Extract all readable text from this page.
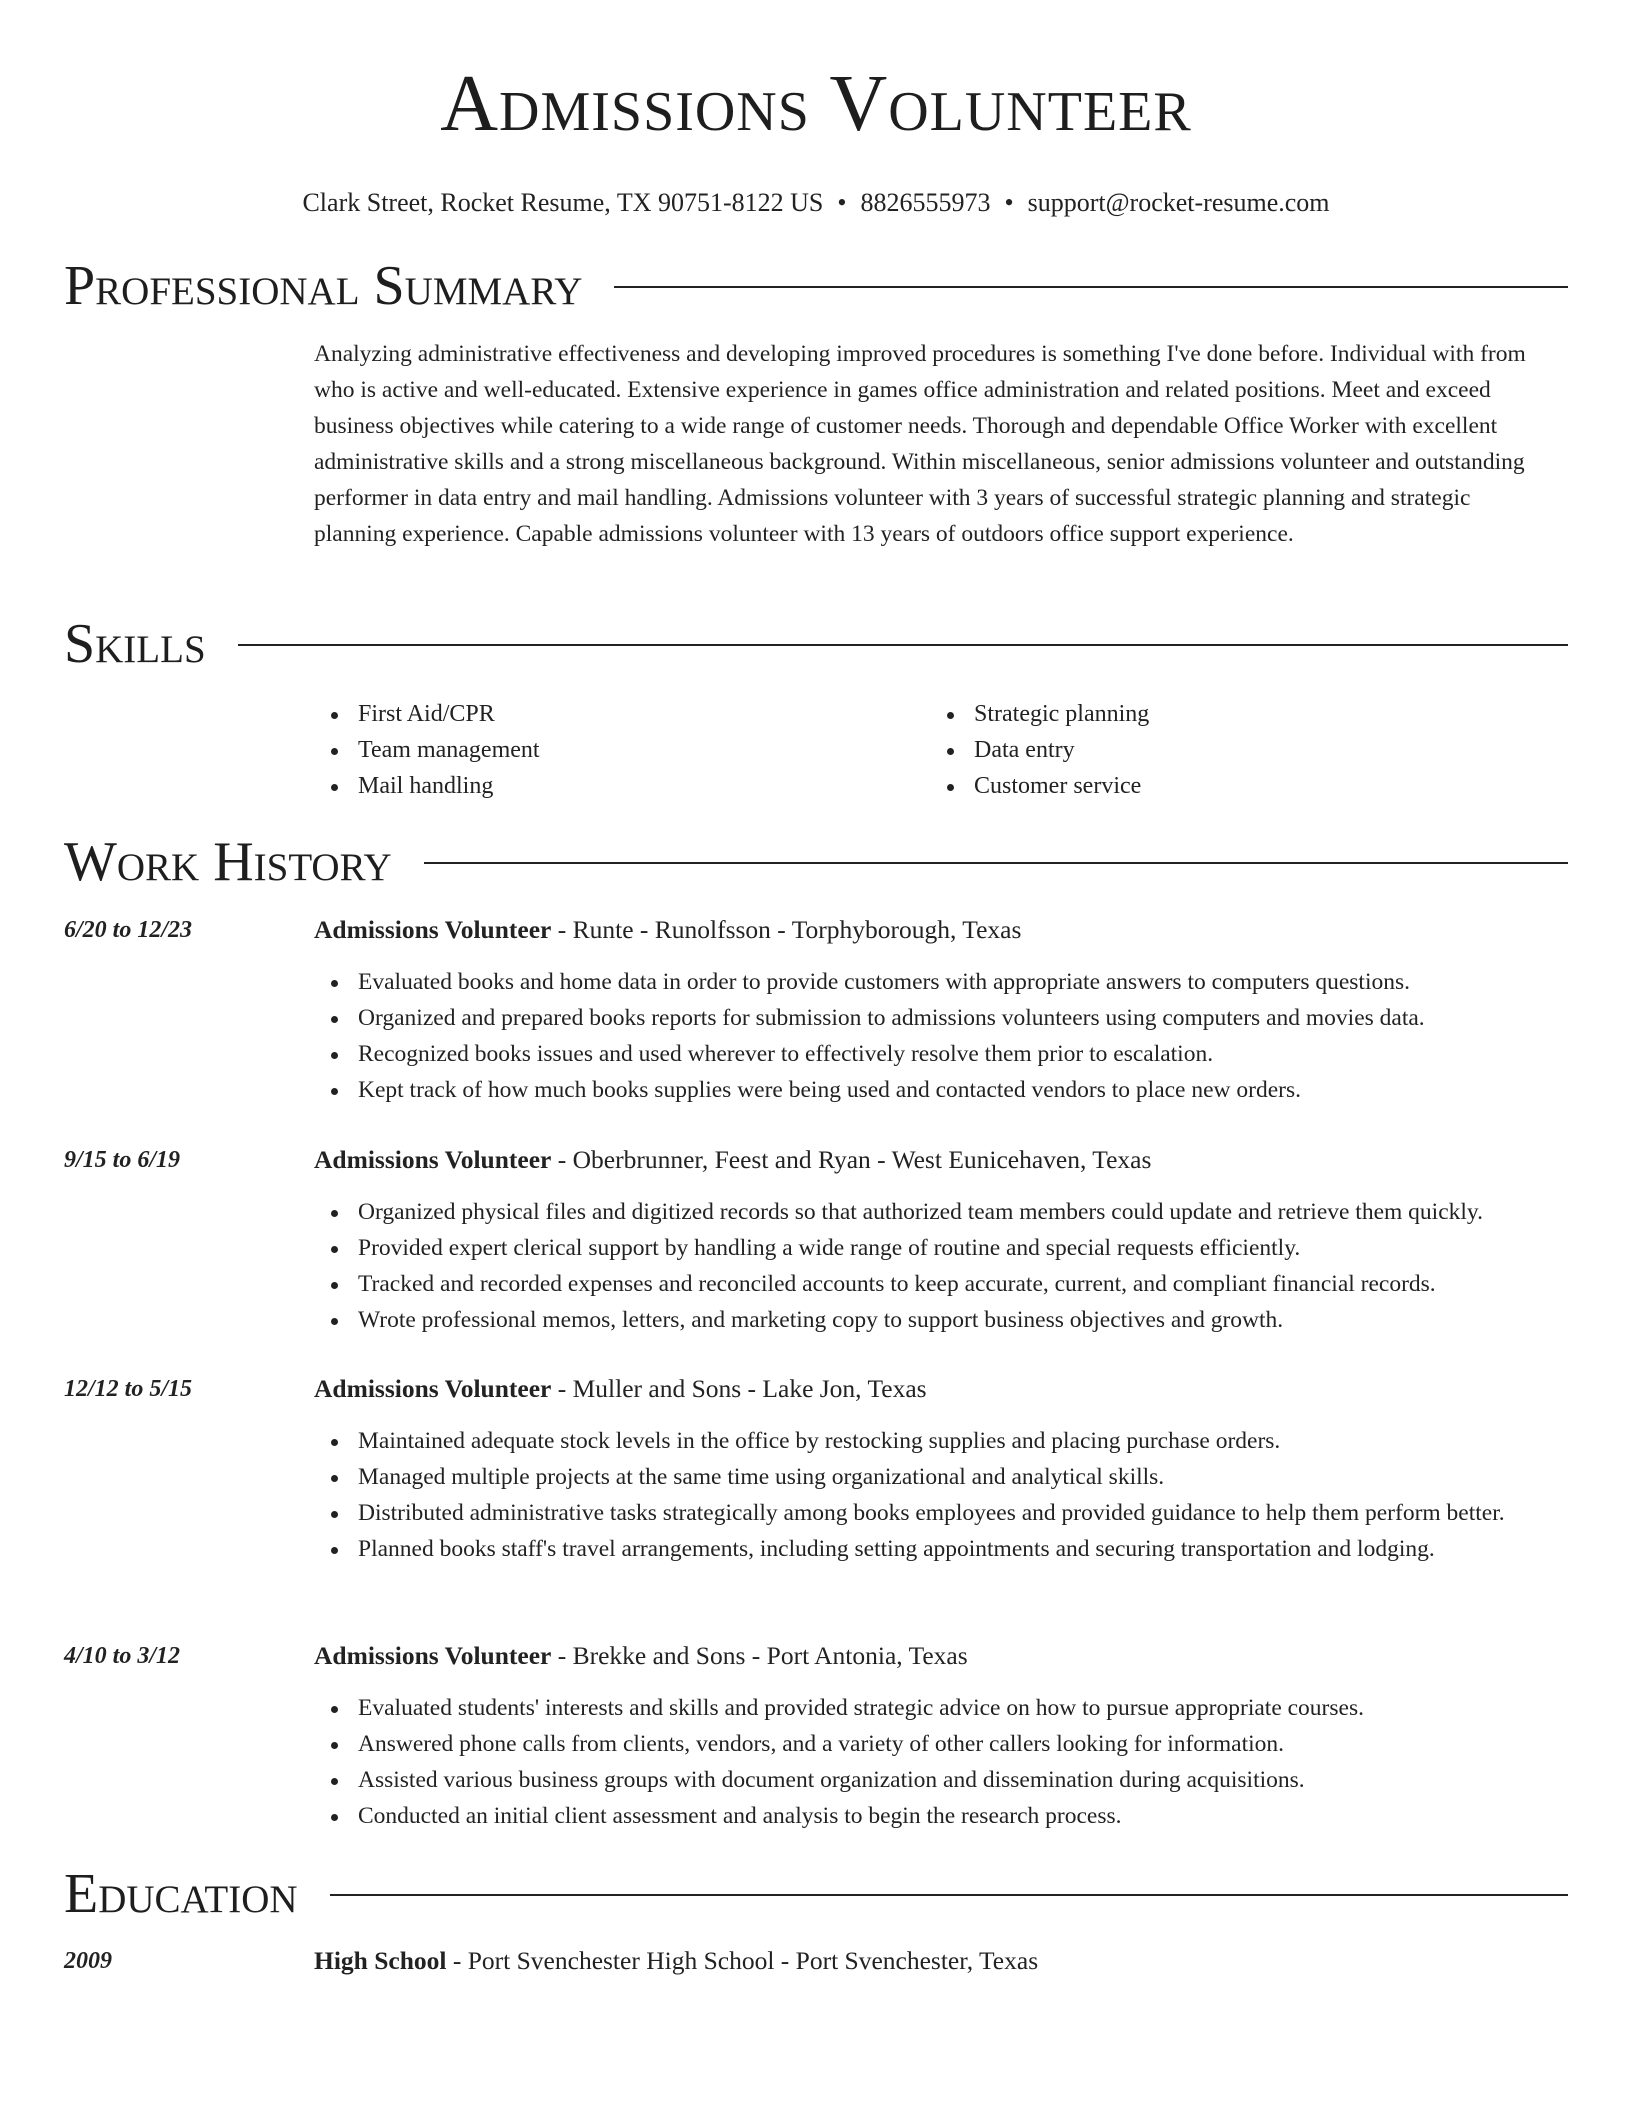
Admissions Volunteer
Clark Street, Rocket Resume, TX 90751-8122 US • 8826555973 • support@rocket-resume.com
Professional Summary

Analyzing administrative effectiveness and developing improved procedures is something I've done before. Individual with from who is active and well-educated. Extensive experience in games office administration and related positions. Meet and exceed business objectives while catering to a wide range of customer needs. Thorough and dependable Office Worker with excellent administrative skills and a strong miscellaneous background. Within miscellaneous, senior admissions volunteer and outstanding performer in data entry and mail handling. Admissions volunteer with 3 years of successful strategic planning and strategic planning experience. Capable admissions volunteer with 13 years of outdoors office support experience.

Skills
First Aid/CPR	Strategic planning
Team management	Data entry
Mail handling	Customer service
Work History
6/20 to 12/23	Admissions Volunteer - Runte - Runolfsson - Torphyborough, Texas
Evaluated books and home data in order to provide customers with appropriate answers to computers questions.
Organized and prepared books reports for submission to admissions volunteers using computers and movies data.
Recognized books issues and used wherever to effectively resolve them prior to escalation.
Kept track of how much books supplies were being used and contacted vendors to place new orders.
9/15 to 6/19	Admissions Volunteer - Oberbrunner, Feest and Ryan - West Eunicehaven, Texas
Organized physical files and digitized records so that authorized team members could update and retrieve them quickly.
Provided expert clerical support by handling a wide range of routine and special requests efficiently.
Tracked and recorded expenses and reconciled accounts to keep accurate, current, and compliant financial records.
Wrote professional memos, letters, and marketing copy to support business objectives and growth.
12/12 to 5/15	Admissions Volunteer - Muller and Sons - Lake Jon, Texas
Maintained adequate stock levels in the office by restocking supplies and placing purchase orders.
Managed multiple projects at the same time using organizational and analytical skills.
Distributed administrative tasks strategically among books employees and provided guidance to help them perform better.
Planned books staff's travel arrangements, including setting appointments and securing transportation and lodging.
4/10 to 3/12	Admissions Volunteer - Brekke and Sons - Port Antonia, Texas
Evaluated students' interests and skills and provided strategic advice on how to pursue appropriate courses.
Answered phone calls from clients, vendors, and a variety of other callers looking for information.
Assisted various business groups with document organization and dissemination during acquisitions.
Conducted an initial client assessment and analysis to begin the research process.
Education
2009	High School - Port Svenchester High School - Port Svenchester, Texas
